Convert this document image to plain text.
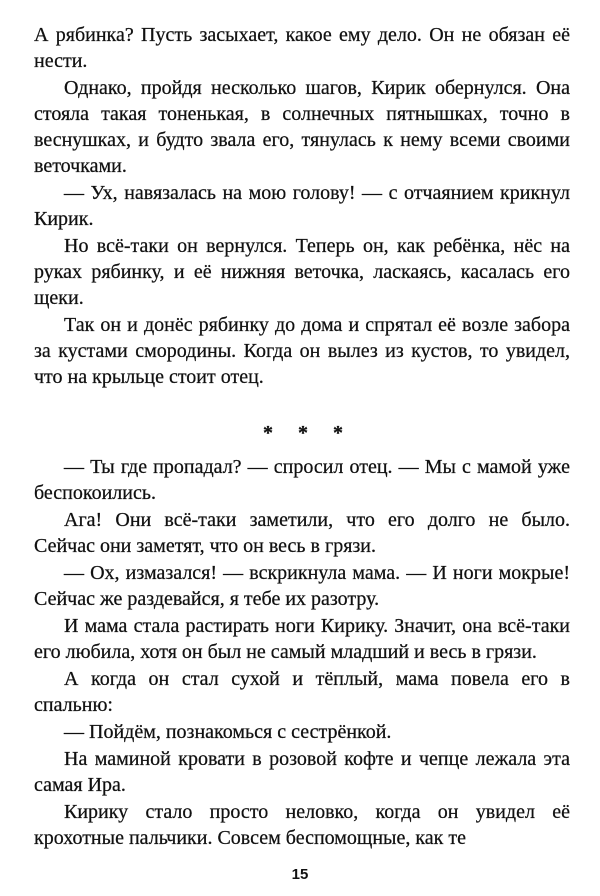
А рябинка? Пусть засыхает, какое ему дело. Он не обязан её нести.

Однако, пройдя несколько шагов, Кирик обернулся. Она стояла такая тоненькая, в солнечных пятнышках, точно в веснушках, и будто звала его, тянулась к нему всеми своими веточками.

— Ух, навязалась на мою голову! — с отчаянием крикнул Кирик.

Но всё-таки он вернулся. Теперь он, как ребёнка, нёс на руках рябинку, и её нижняя веточка, ласкаясь, касалась его щеки.

Так он и донёс рябинку до дома и спрятал её возле забора за кустами смородины. Когда он вылез из кустов, то увидел, что на крыльце стоит отец.

* * *

— Ты где пропадал? — спросил отец. — Мы с мамой уже беспокоились.

Ага! Они всё-таки заметили, что его долго не было. Сейчас они заметят, что он весь в грязи.

— Ох, измазался! — вскрикнула мама. — И ноги мокрые! Сейчас же раздевайся, я тебе их разотру.

И мама стала растирать ноги Кирику. Значит, она всё-таки его любила, хотя он был не самый младший и весь в грязи.

А когда он стал сухой и тёплый, мама повела его в спальню:

— Пойдём, познакомься с сестрёнкой.

На маминой кровати в розовой кофте и чепце лежала эта самая Ира.

Кирику стало просто неловко, когда он увидел её крохотные пальчики. Совсем беспомощные, как те

15
